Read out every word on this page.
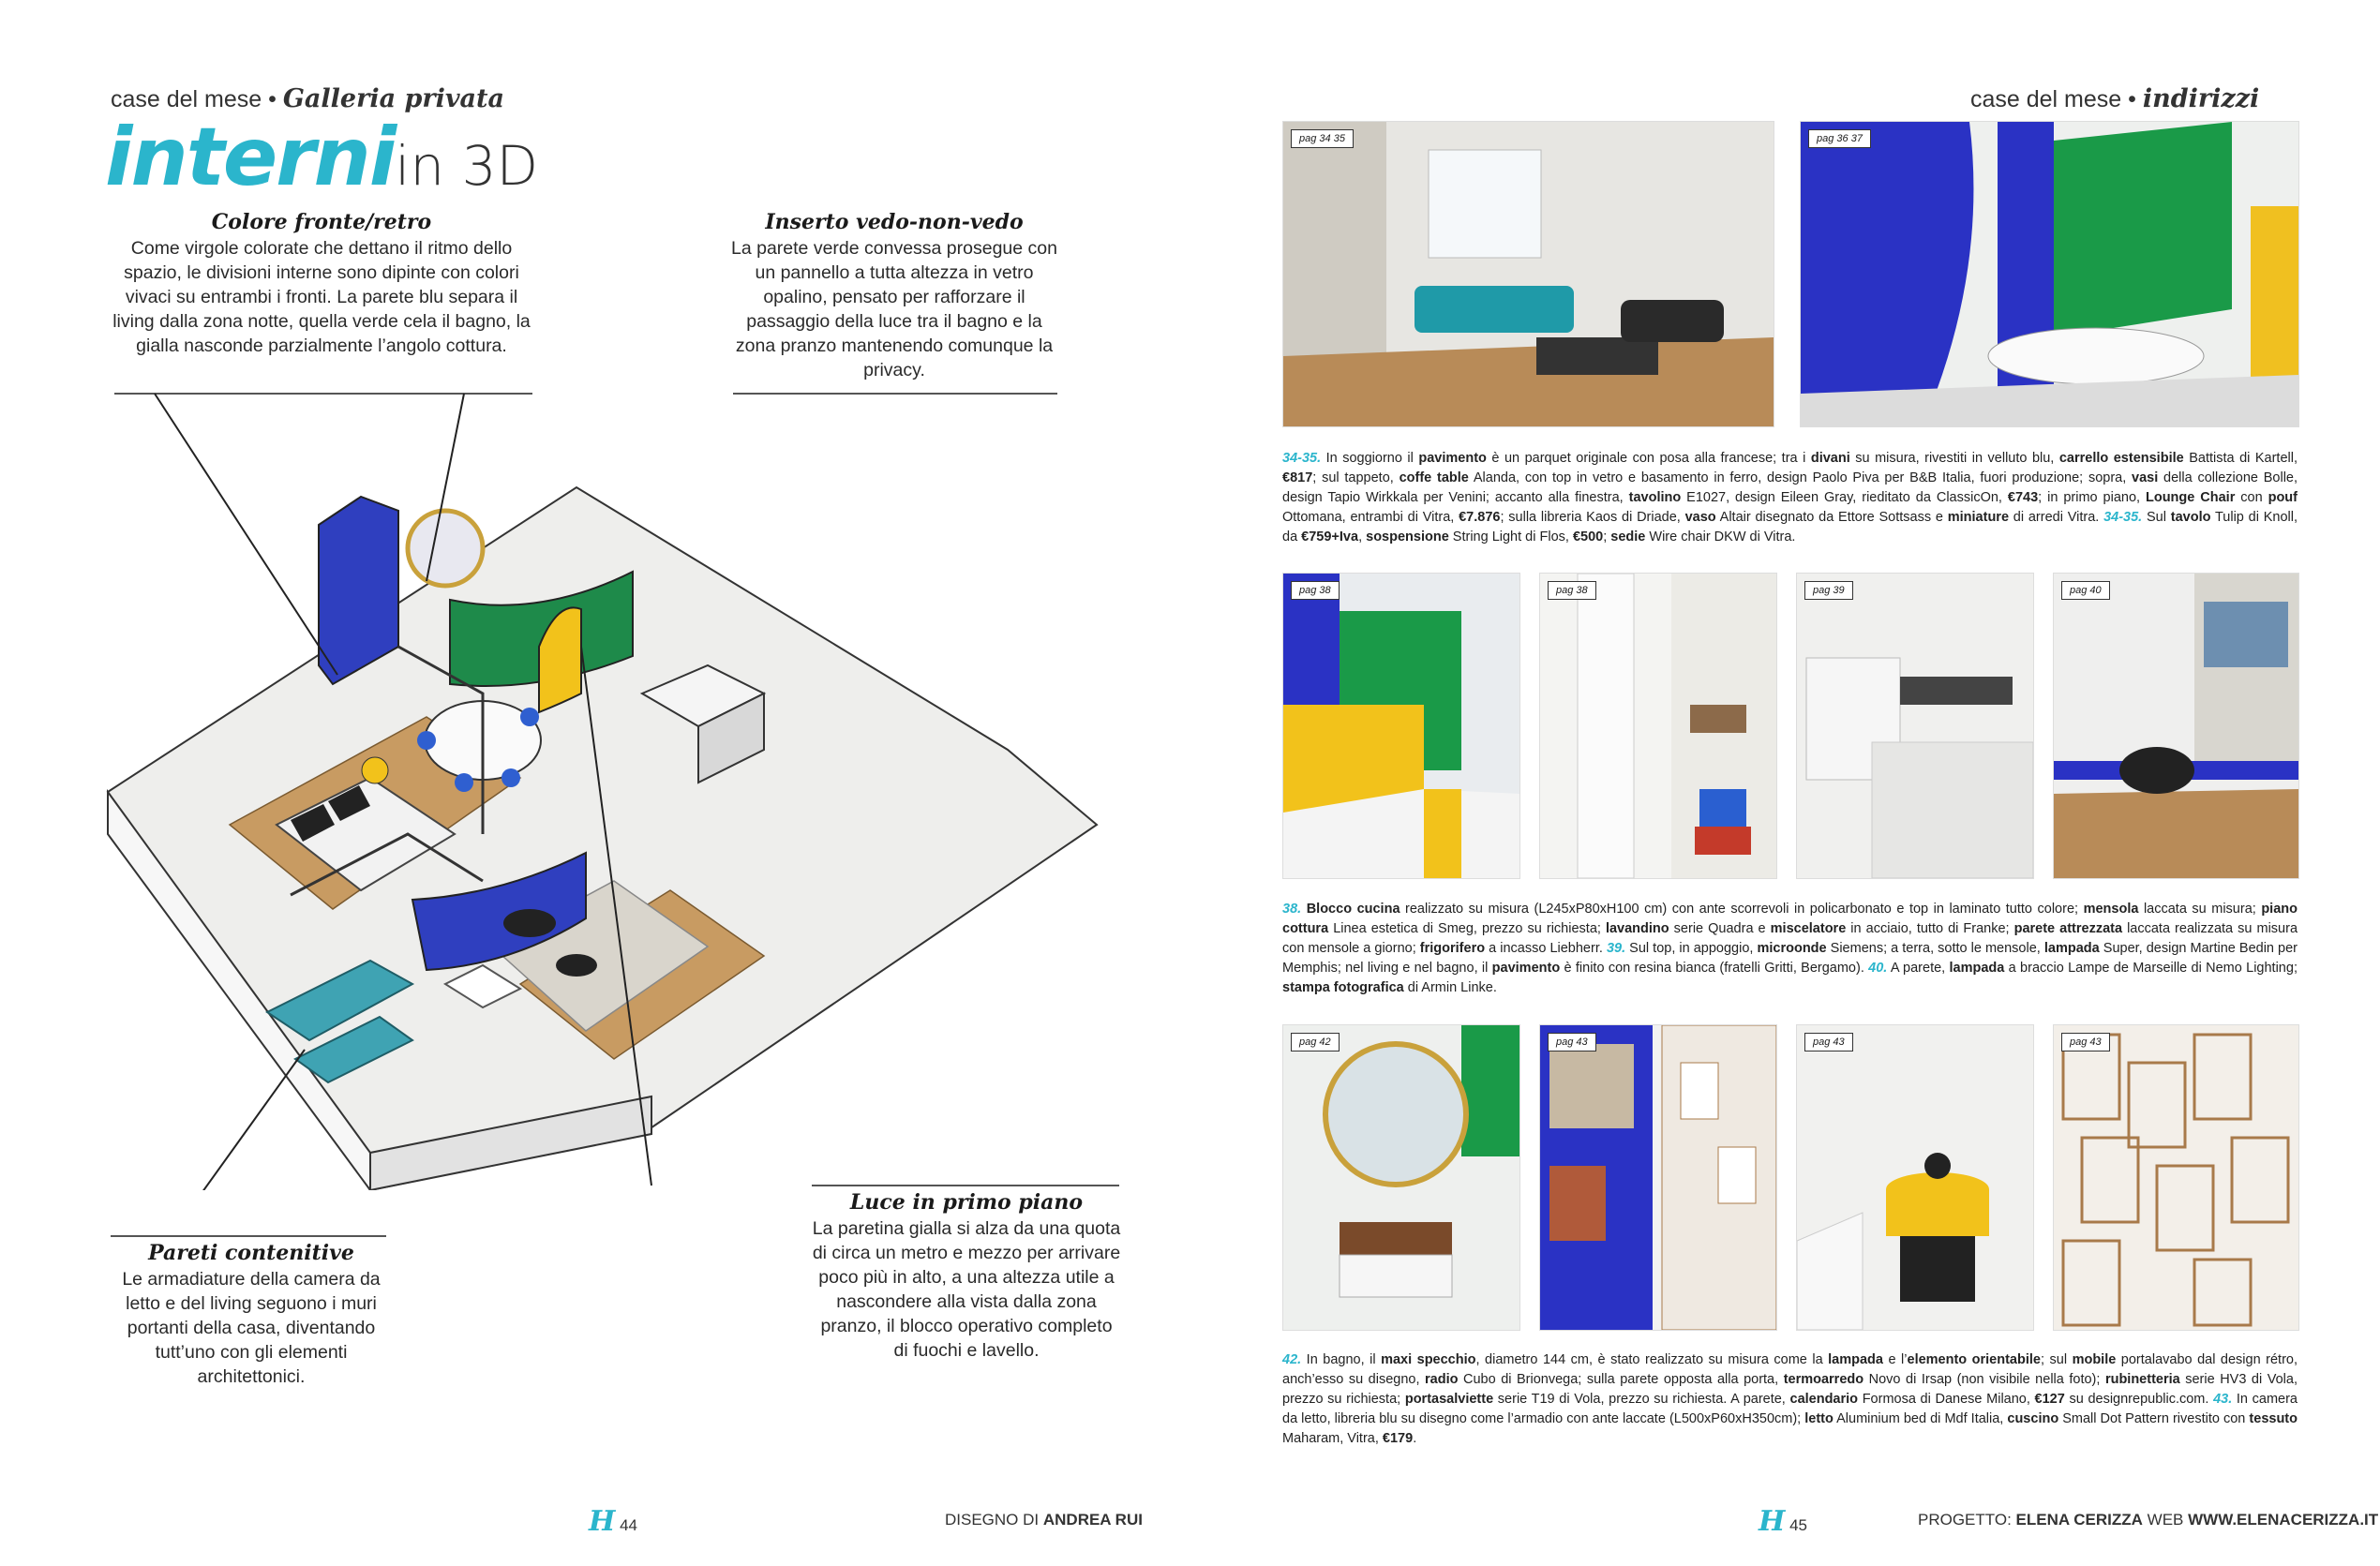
case del mese • Galleria privata
interniin 3D
Colore fronte/retro
Come virgole colorate che dettano il ritmo dello spazio, le divisioni interne sono dipinte con colori vivaci su entrambi i fronti. La parete blu separa il living dalla zona notte, quella verde cela il bagno, la gialla nasconde parzialmente l’angolo cottura.
Inserto vedo-non-vedo
La parete verde convessa prosegue con un pannello a tutta altezza in vetro opalino, pensato per rafforzare il passaggio della luce tra il bagno e la zona pranzo mantenendo comunque la privacy.
Pareti contenitive
Le armadiature della camera da letto e del living seguono i muri portanti della casa, diventando tutt’uno con gli elementi architettonici.
Luce in primo piano
La paretina gialla si alza da una quota di circa un metro e mezzo per arrivare poco più in alto, a una altezza utile a nascondere alla vista dalla zona pranzo, il blocco operativo completo di fuochi e lavello.
H 44	DISEGNO DI ANDREA RUI
case del mese • indirizzi
pag 34 35	pag 36 37
34-35. In soggiorno il pavimento è un parquet originale con posa alla francese; tra i divani su misura, rivestiti in velluto blu, carrello estensibile Battista di Kartell, €817; sul tappeto, coffe table Alanda, con top in vetro e basamento in ferro, design Paolo Piva per B&B Italia, fuori produzione; sopra, vasi della collezione Bolle, design Tapio Wirkkala per Venini; accanto alla finestra, tavolino E1027, design Eileen Gray, rieditato da ClassicOn, €743; in primo piano, Lounge Chair con pouf Ottomana, entrambi di Vitra, €7.876; sulla libreria Kaos di Driade, vaso Altair disegnato da Ettore Sottsass e miniature di arredi Vitra. 34-35. Sul tavolo Tulip di Knoll, da €759+Iva, sospensione String Light di Flos, €500; sedie Wire chair DKW di Vitra.
pag 38	pag 38	pag 39	pag 40
38. Blocco cucina realizzato su misura (L245xP80xH100 cm) con ante scorrevoli in policarbonato e top in laminato tutto colore; mensola laccata su misura; piano cottura Linea estetica di Smeg, prezzo su richiesta; lavandino serie Quadra e miscelatore in acciaio, tutto di Franke; parete attrezzata laccata realizzata su misura con mensole a giorno; frigorifero a incasso Liebherr. 39. Sul top, in appoggio, microonde Siemens; a terra, sotto le mensole, lampada Super, design Martine Bedin per Memphis; nel living e nel bagno, il pavimento è finito con resina bianca (fratelli Gritti, Bergamo). 40. A parete, lampada a braccio Lampe de Marseille di Nemo Lighting; stampa fotografica di Armin Linke.
pag 42	pag 43	pag 43	pag 43
42. In bagno, il maxi specchio, diametro 144 cm, è stato realizzato su misura come la lampada e l’elemento orientabile; sul mobile portalavabo dal design rétro, anch’esso su disegno, radio Cubo di Brionvega; sulla parete opposta alla porta, termoarredo Novo di Irsap (non visibile nella foto); rubinetteria serie HV3 di Vola, prezzo su richiesta; portasalviette serie T19 di Vola, prezzo su richiesta. A parete, calendario Formosa di Danese Milano, €127 su designrepublic.com. 43. In camera da letto, libreria blu su disegno come l’armadio con ante laccate (L500xP60xH350cm); letto Aluminium bed di Mdf Italia, cuscino Small Dot Pattern rivestito con tessuto Maharam, Vitra, €179.
H 45	PROGETTO: ELENA CERIZZA WEB WWW.ELENACERIZZA.IT
